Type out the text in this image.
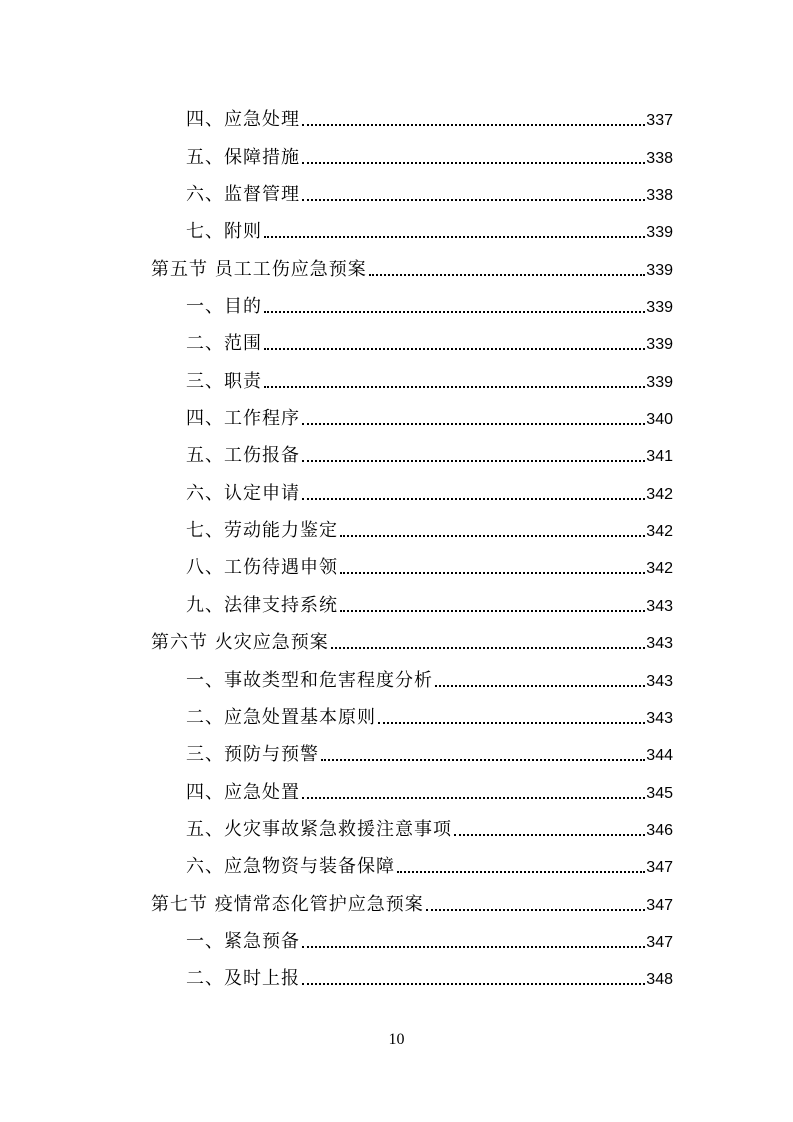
四、应急处理	337
五、保障措施	338
六、监督管理	338
七、附则	339
第五节 员工工伤应急预案	339
一、目的	339
二、范围	339
三、职责	339
四、工作程序	340
五、工伤报备	341
六、认定申请	342
七、劳动能力鉴定	342
八、工伤待遇申领	342
九、法律支持系统	343
第六节 火灾应急预案	343
一、事故类型和危害程度分析	343
二、应急处置基本原则	343
三、预防与预警	344
四、应急处置	345
五、火灾事故紧急救援注意事项	346
六、应急物资与装备保障	347
第七节 疫情常态化管护应急预案	347
一、紧急预备	347
二、及时上报	348
10
